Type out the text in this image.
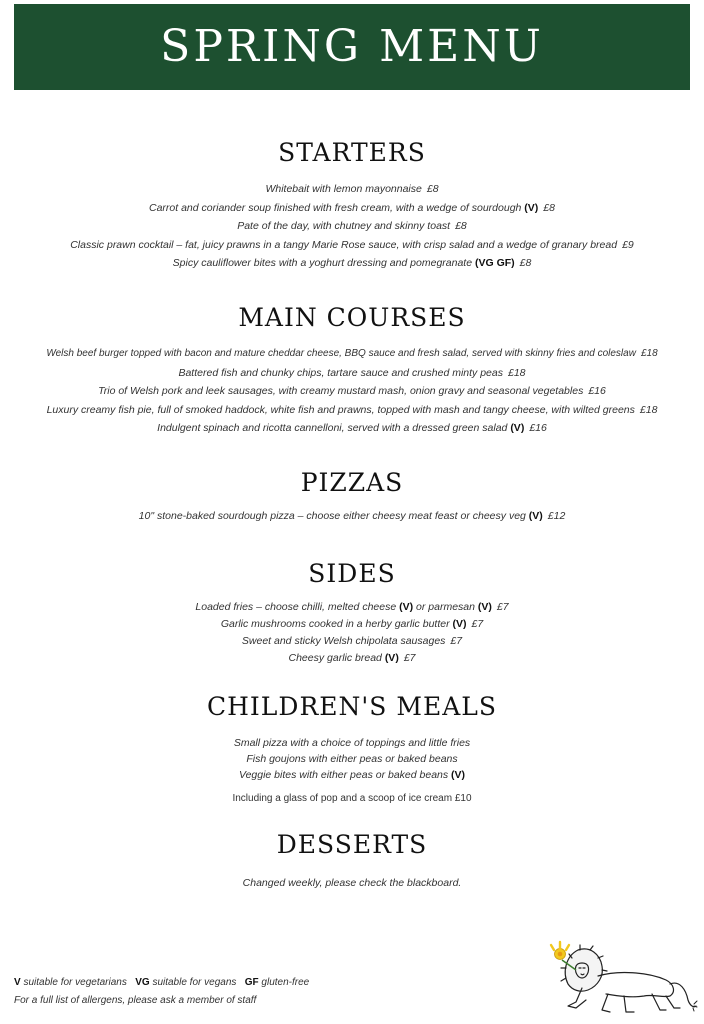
SPRING MENU
STARTERS
Whitebait with lemon mayonnaise £8
Carrot and coriander soup finished with fresh cream, with a wedge of sourdough (V) £8
Pate of the day, with chutney and skinny toast £8
Classic prawn cocktail – fat, juicy prawns in a tangy Marie Rose sauce, with crisp salad and a wedge of granary bread £9
Spicy cauliflower bites with a yoghurt dressing and pomegranate (VG GF) £8
MAIN COURSES
Welsh beef burger topped with bacon and mature cheddar cheese, BBQ sauce and fresh salad, served with skinny fries and coleslaw £18
Battered fish and chunky chips, tartare sauce and crushed minty peas £18
Trio of Welsh pork and leek sausages, with creamy mustard mash, onion gravy and seasonal vegetables £16
Luxury creamy fish pie, full of smoked haddock, white fish and prawns, topped with mash and tangy cheese, with wilted greens £18
Indulgent spinach and ricotta cannelloni, served with a dressed green salad (V) £16
PIZZAS
10" stone-baked sourdough pizza – choose either cheesy meat feast or cheesy veg (V) £12
SIDES
Loaded fries – choose chilli, melted cheese (V) or parmesan (V) £7
Garlic mushrooms cooked in a herby garlic butter (V) £7
Sweet and sticky Welsh chipolata sausages £7
Cheesy garlic bread (V) £7
CHILDREN'S MEALS
Small pizza with a choice of toppings and little fries
Fish goujons with either peas or baked beans
Veggie bites with either peas or baked beans (V)
Including a glass of pop and a scoop of ice cream £10
DESSERTS
Changed weekly, please check the blackboard.
V suitable for vegetarians VG suitable for vegans GF gluten-free
For a full list of allergens, please ask a member of staff
